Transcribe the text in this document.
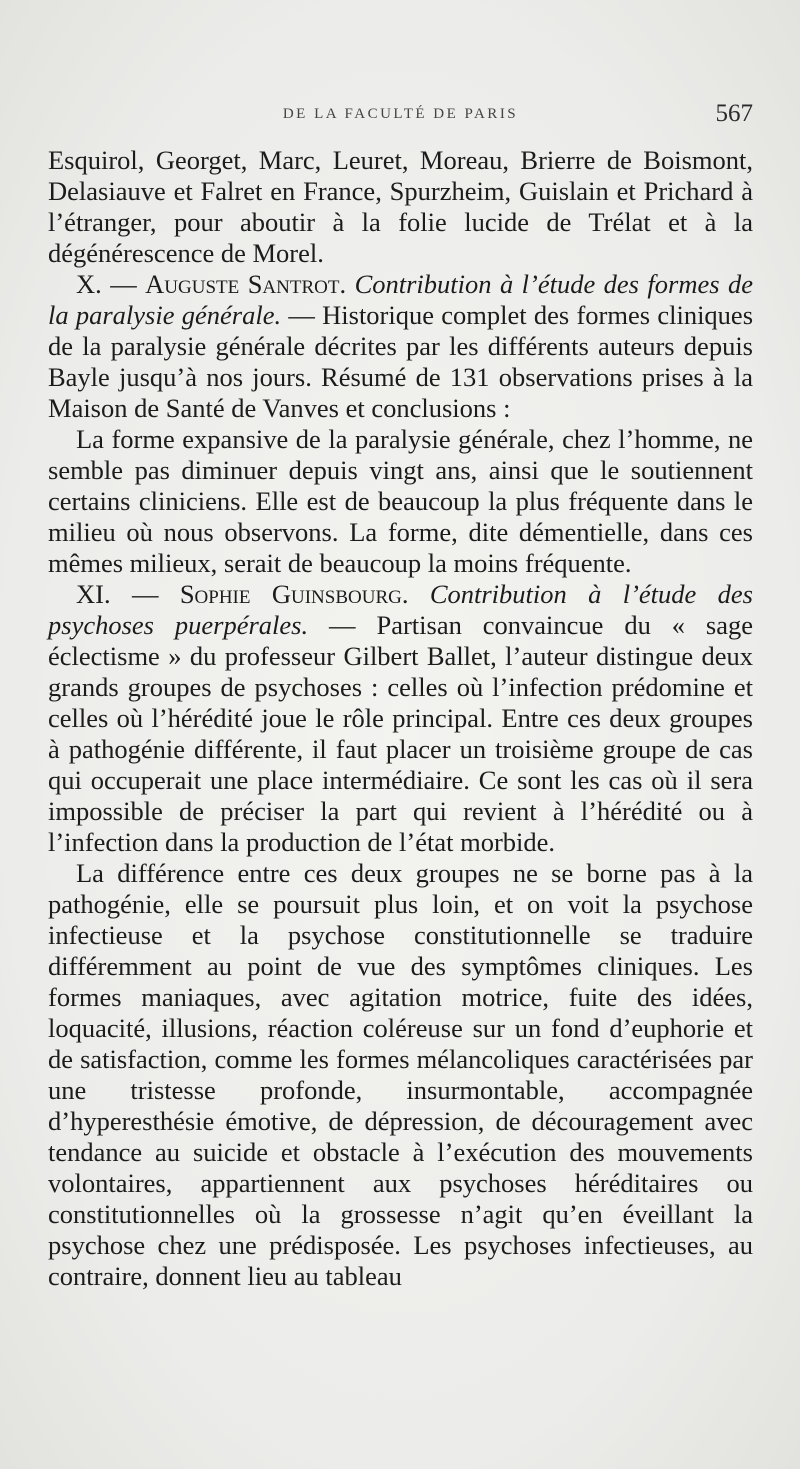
DE LA FACULTÉ DE PARIS	567

Esquirol, Georget, Marc, Leuret, Moreau, Brierre de Boismont, Delasiauve et Falret en France, Spurzheim, Guislain et Prichard à l’étranger, pour aboutir à la folie lucide de Trélat et à la dégénérescence de Morel.

X. — Auguste Santrot. Contribution à l’étude des formes de la paralysie générale. — Historique complet des formes cliniques de la paralysie générale décrites par les différents auteurs depuis Bayle jusqu’à nos jours. Résumé de 131 observations prises à la Maison de Santé de Vanves et conclusions :

La forme expansive de la paralysie générale, chez l’homme, ne semble pas diminuer depuis vingt ans, ainsi que le soutiennent certains cliniciens. Elle est de beaucoup la plus fréquente dans le milieu où nous observons. La forme, dite démentielle, dans ces mêmes milieux, serait de beaucoup la moins fréquente.

XI. — Sophie Guinsbourg. Contribution à l’étude des psychoses puerpérales. — Partisan convaincue du « sage éclectisme » du professeur Gilbert Ballet, l’auteur distingue deux grands groupes de psychoses : celles où l’infection prédomine et celles où l’hérédité joue le rôle principal. Entre ces deux groupes à pathogénie différente, il faut placer un troisième groupe de cas qui occuperait une place intermédiaire. Ce sont les cas où il sera impossible de préciser la part qui revient à l’hérédité ou à l’infection dans la production de l’état morbide.

La différence entre ces deux groupes ne se borne pas à la pathogénie, elle se poursuit plus loin, et on voit la psychose infectieuse et la psychose constitutionnelle se traduire différemment au point de vue des symptômes cliniques. Les formes maniaques, avec agitation motrice, fuite des idées, loquacité, illusions, réaction coléreuse sur un fond d’euphorie et de satisfaction, comme les formes mélancoliques caractérisées par une tristesse profonde, insurmontable, accompagnée d’hyperesthésie émotive, de dépression, de découragement avec tendance au suicide et obstacle à l’exécution des mouvements volontaires, appartiennent aux psychoses héréditaires ou constitutionnelles où la grossesse n’agit qu’en éveillant la psychose chez une prédisposée. Les psychoses infectieuses, au contraire, donnent lieu au tableau
